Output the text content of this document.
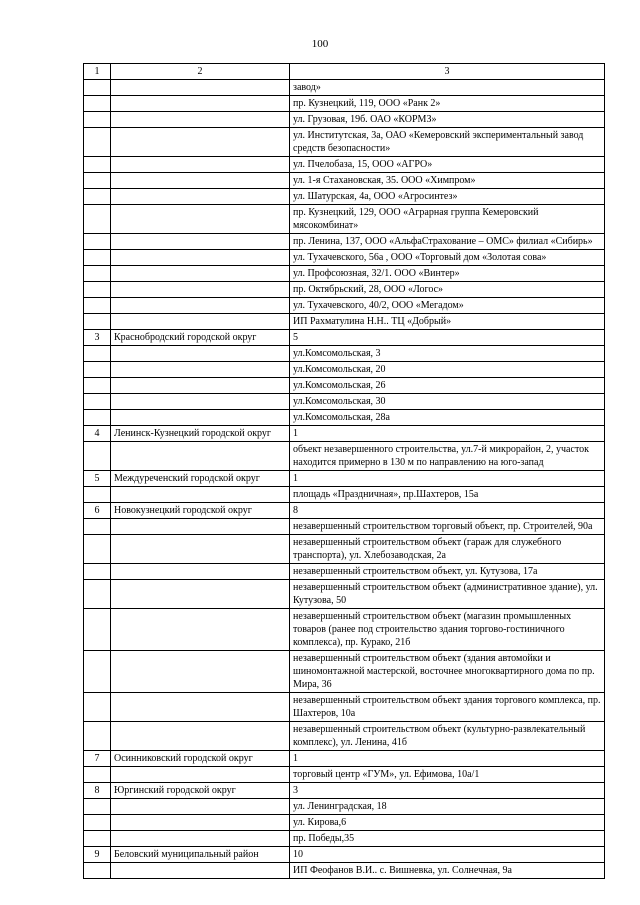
100
1	2	3
		завод»
		пр. Кузнецкий, 119, ООО «Ранк 2»
		ул. Грузовая, 19б. ОАО «КОРМЗ»
		ул. Институтская, 3а, ОАО «Кемеровский экспериментальный завод средств безопасности»
		ул. Пчелобаза, 15, ООО «АГРО»
		ул. 1-я Стахановская, 35. ООО «Химпром»
		ул. Шатурская, 4а, ООО «Агросинтез»
		пр. Кузнецкий, 129, ООО «Аграрная группа Кемеровский мясокомбинат»
		пр. Ленина, 137, ООО «АльфаСтрахование – ОМС» филиал «Сибирь»
		ул. Тухачевского, 56а , ООО «Торговый дом «Золотая сова»
		ул. Профсоюзная, 32/1. ООО «Винтер»
		пр. Октябрьский, 28, ООО «Логос»
		ул. Тухачевского, 40/2, ООО «Мегадом»
		ИП Рахматулина Н.Н.. ТЦ «Добрый»
3	Краснобродский городской округ	5
		ул.Комсомольская, 3
		ул.Комсомольская, 20
		ул.Комсомольская, 26
		ул.Комсомольская, 30
		ул.Комсомольская, 28а
4	Ленинск-Кузнецкий городской округ	1
		объект незавершенного строительства, ул.7-й микрорайон, 2, участок находится примерно в 130 м по направлению на юго-запад
5	Междуреченский городской округ	1
		площадь «Праздничная», пр.Шахтеров, 15а
6	Новокузнецкий городской округ	8
		незавершенный строительством торговый объект, пр. Строителей, 90а
		незавершенный строительством объект (гараж для служебного транспорта), ул. Хлебозаводская, 2а
		незавершенный строительством объект, ул. Кутузова, 17а
		незавершенный строительством объект (административное здание), ул. Кутузова, 50
		незавершенный строительством объект (магазин промышленных товаров (ранее под строительство здания торгово-гостиничного комплекса), пр. Курако, 21б
		незавершенный строительством объект (здания автомойки и шиномонтажной мастерской, восточнее многоквартирного дома по пр. Мира, 36
		незавершенный строительством объект здания торгового комплекса, пр. Шахтеров, 10а
		незавершенный строительством объект (культурно-развлекательный комплекс), ул. Ленина, 41б
7	Осинниковский городской округ	1
		торговый центр «ГУМ», ул. Ефимова, 10а/1
8	Юргинский городской округ	3
		ул. Ленинградская, 18
		ул. Кирова,6
		пр. Победы,35
9	Беловский муниципальный район	10
		ИП Феофанов В.И.. с. Вишневка, ул. Солнечная, 9а
